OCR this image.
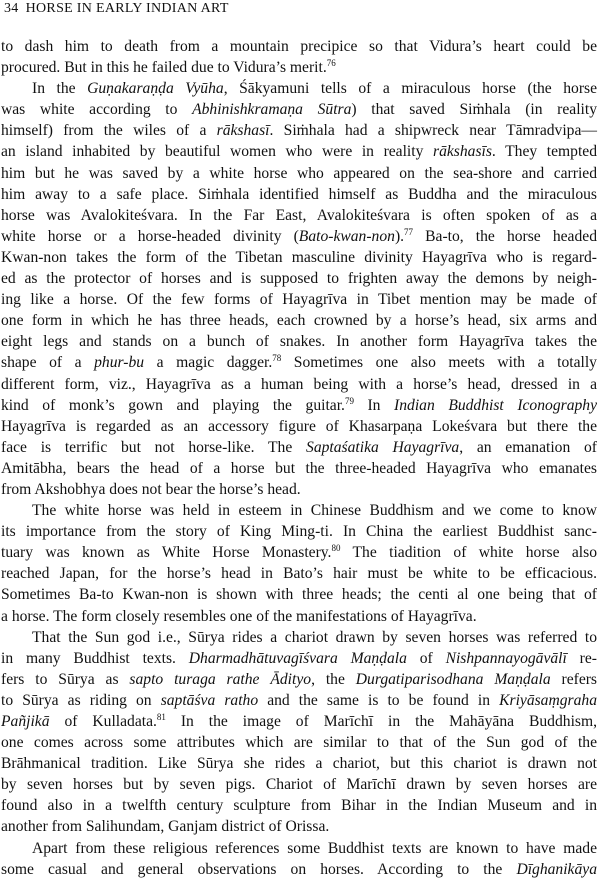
34 HORSE IN EARLY INDIAN ART
to dash him to death from a mountain precipice so that Vidura’s heart could be
procured. But in this he failed due to Vidura’s merit.$^{76}$
In the Guṇakaraṇḍa Vyūha, Śākyamuni tells of a miraculous horse (the horse
was white according to Abhinishkramaṇa Sūtra) that saved Siṁhala (in reality
himself) from the wiles of a rākshasī. Siṁhala had a shipwreck near Tāmradvipa—
an island inhabited by beautiful women who were in reality rākshasīs. They tempted
him but he was saved by a white horse who appeared on the sea-shore and carried
him away to a safe place. Siṁhala identified himself as Buddha and the miraculous
horse was Avalokiteśvara. In the Far East, Avalokiteśvara is often spoken of as a
white horse or a horse-headed divinity (Bato-kwan-non).$^{77}$ Ba-to, the horse headed
Kwan-non takes the form of the Tibetan masculine divinity Hayagrīva who is regard-
ed as the protector of horses and is supposed to frighten away the demons by neigh-
ing like a horse. Of the few forms of Hayagrīva in Tibet mention may be made of
one form in which he has three heads, each crowned by a horse’s head, six arms and
eight legs and stands on a bunch of snakes. In another form Hayagrīva takes the
shape of a phur-bu a magic dagger.$^{78}$ Sometimes one also meets with a totally
different form, viz., Hayagrīva as a human being with a horse’s head, dressed in a
kind of monk’s gown and playing the guitar.$^{79}$ In Indian Buddhist Iconography
Hayagrīva is regarded as an accessory figure of Khasarpaṇa Lokeśvara but there the
face is terrific but not horse-like. The Saptaśatika Hayagrīva, an emanation of
Amitābha, bears the head of a horse but the three-headed Hayagrīva who emanates
from Akshobhya does not bear the horse’s head.
The white horse was held in esteem in Chinese Buddhism and we come to know
its importance from the story of King Ming-ti. In China the earliest Buddhist sanc-
tuary was known as White Horse Monastery.$^{80}$ The tiadition of white horse also
reached Japan, for the horse’s head in Bato’s hair must be white to be efficacious.
Sometimes Ba-to Kwan-non is shown with three heads; the centi al one being that of
a horse. The form closely resembles one of the manifestations of Hayagrīva.
That the Sun god i.e., Sūrya rides a chariot drawn by seven horses was referred to
in many Buddhist texts. Dharmadhātuvagīśvara Maṇḍala of Nishpannayogāvālī re-
fers to Sūrya as sapto turaga rathe Ādityo, the Durgatiparisodhana Maṇḍala refers
to Sūrya as riding on saptāśva ratho and the same is to be found in Kriyāsaṃgraha
Pañjikā of Kulladata.$^{81}$ In the image of Marīchī in the Mahāyāna Buddhism,
one comes across some attributes which are similar to that of the Sun god of the
Brāhmanical tradition. Like Sūrya she rides a chariot, but this chariot is drawn not
by seven horses but by seven pigs. Chariot of Marīchī drawn by seven horses are
found also in a twelfth century sculpture from Bihar in the Indian Museum and in
another from Salihundam, Ganjam district of Orissa.
Apart from these religious references some Buddhist texts are known to have made
some casual and general observations on horses. According to the Dīghanikāya
